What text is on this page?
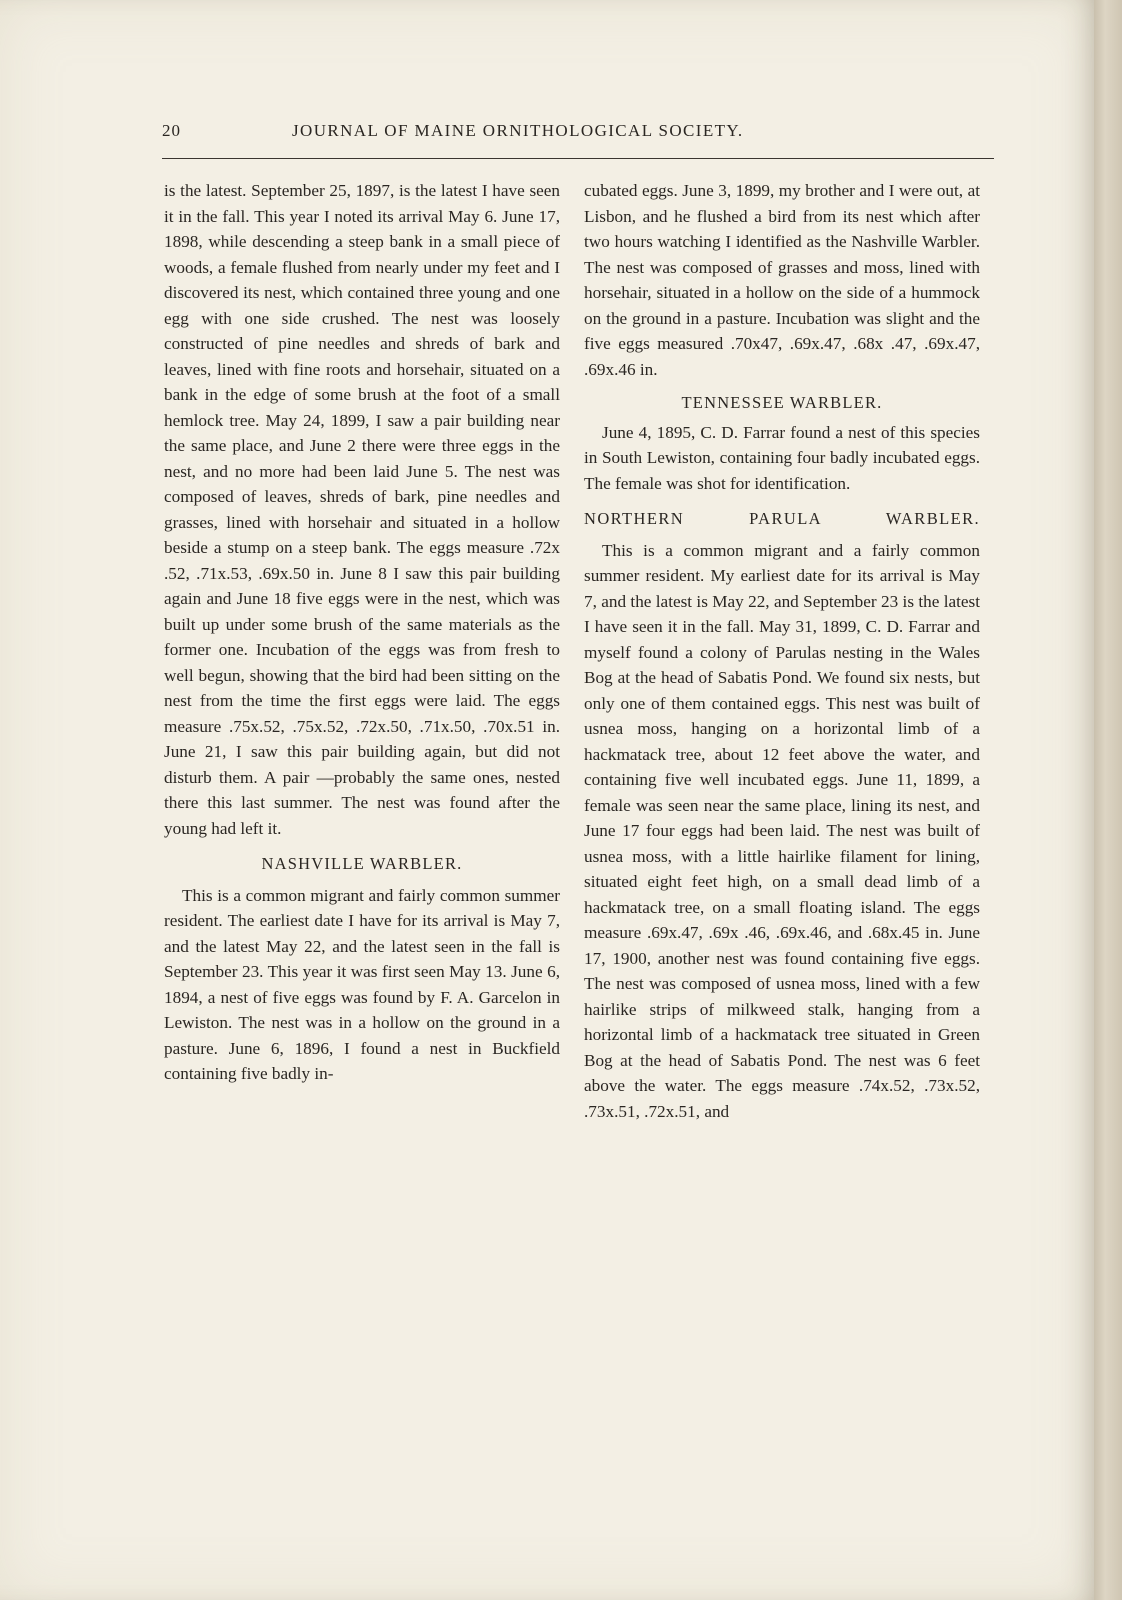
20	JOURNAL OF MAINE ORNITHOLOGICAL SOCIETY.

is the latest. September 25, 1897, is the latest I have seen it in the fall. This year I noted its arrival May 6. June 17, 1898, while descending a steep bank in a small piece of woods, a female flushed from nearly under my feet and I discovered its nest, which contained three young and one egg with one side crushed. The nest was loosely constructed of pine needles and shreds of bark and leaves, lined with fine roots and horsehair, situated on a bank in the edge of some brush at the foot of a small hemlock tree. May 24, 1899, I saw a pair building near the same place, and June 2 there were three eggs in the nest, and no more had been laid June 5. The nest was composed of leaves, shreds of bark, pine needles and grasses, lined with horsehair and situated in a hollow beside a stump on a steep bank. The eggs measure .72x .52, .71x.53, .69x.50 in. June 8 I saw this pair building again and June 18 five eggs were in the nest, which was built up under some brush of the same materials as the former one. Incubation of the eggs was from fresh to well begun, showing that the bird had been sitting on the nest from the time the first eggs were laid. The eggs measure .75x.52, .75x.52, .72x.50, .71x.50, .70x.51 in. June 21, I saw this pair building again, but did not disturb them. A pair —probably the same ones, nested there this last summer. The nest was found after the young had left it.

NASHVILLE WARBLER.

This is a common migrant and fairly common summer resident. The earliest date I have for its arrival is May 7, and the latest May 22, and the latest seen in the fall is September 23. This year it was first seen May 13. June 6, 1894, a nest of five eggs was found by F. A. Garcelon in Lewiston. The nest was in a hollow on the ground in a pasture. June 6, 1896, I found a nest in Buckfield containing five badly in-

cubated eggs. June 3, 1899, my brother and I were out, at Lisbon, and he flushed a bird from its nest which after two hours watching I identified as the Nashville Warbler. The nest was composed of grasses and moss, lined with horsehair, situated in a hollow on the side of a hummock on the ground in a pasture. Incubation was slight and the five eggs measured .70x47, .69x.47, .68x .47, .69x.47, .69x.46 in.

TENNESSEE WARBLER.

June 4, 1895, C. D. Farrar found a nest of this species in South Lewiston, containing four badly incubated eggs. The female was shot for identification.

NORTHERN PARULA WARBLER.

This is a common migrant and a fairly common summer resident. My earliest date for its arrival is May 7, and the latest is May 22, and September 23 is the latest I have seen it in the fall. May 31, 1899, C. D. Farrar and myself found a colony of Parulas nesting in the Wales Bog at the head of Sabatis Pond. We found six nests, but only one of them contained eggs. This nest was built of usnea moss, hanging on a horizontal limb of a hackmatack tree, about 12 feet above the water, and containing five well incubated eggs. June 11, 1899, a female was seen near the same place, lining its nest, and June 17 four eggs had been laid. The nest was built of usnea moss, with a little hairlike filament for lining, situated eight feet high, on a small dead limb of a hackmatack tree, on a small floating island. The eggs measure .69x.47, .69x .46, .69x.46, and .68x.45 in. June 17, 1900, another nest was found containing five eggs. The nest was composed of usnea moss, lined with a few hairlike strips of milkweed stalk, hanging from a horizontal limb of a hackmatack tree situated in Green Bog at the head of Sabatis Pond. The nest was 6 feet above the water. The eggs measure .74x.52, .73x.52, .73x.51, .72x.51, and
